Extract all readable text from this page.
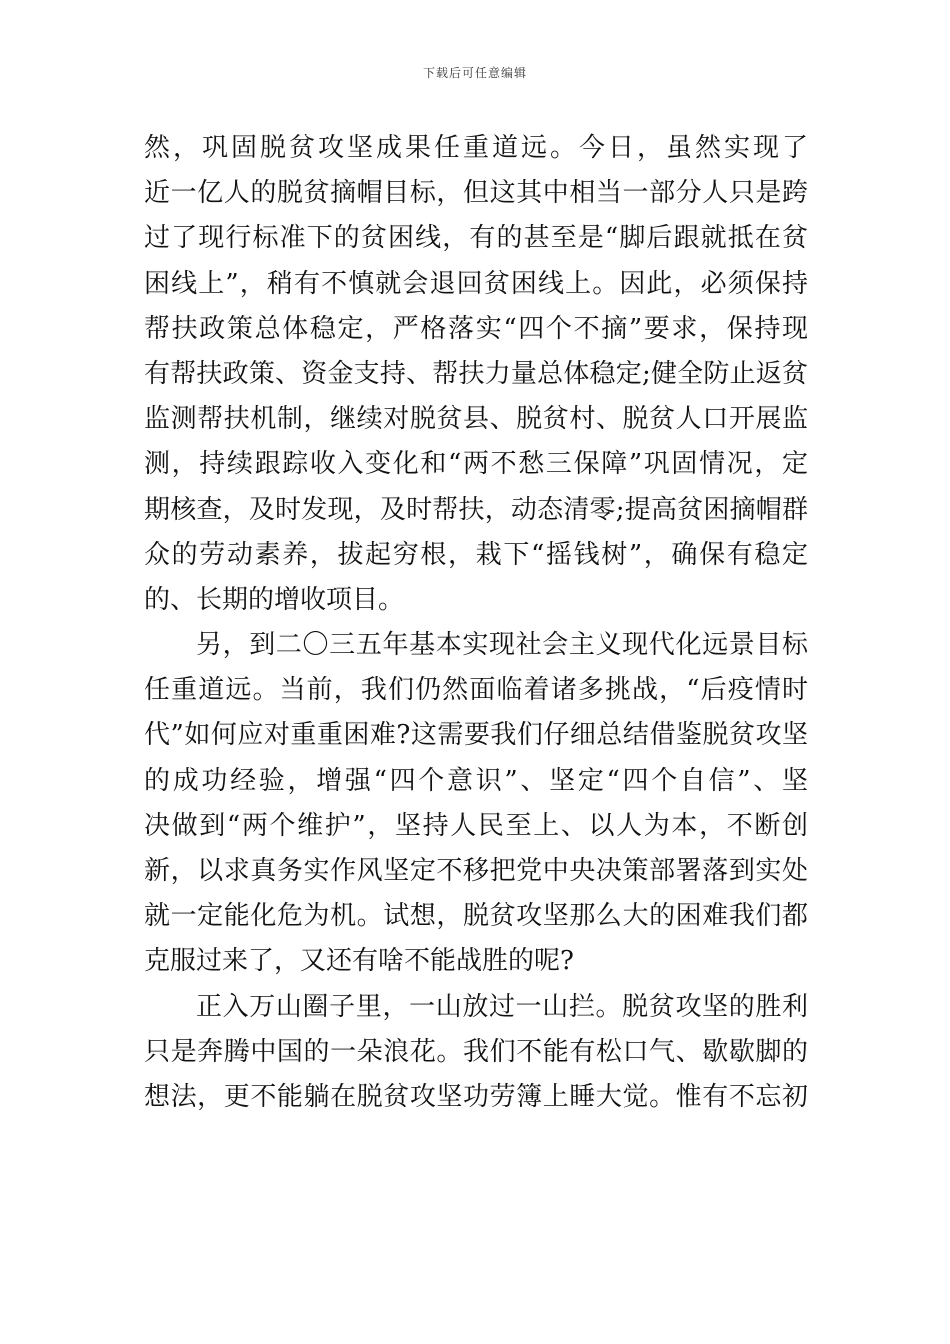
下载后可任意编辑
然，巩固脱贫攻坚成果任重道远。今日，虽然实现了
近一亿人的脱贫摘帽目标，但这其中相当一部分人只是跨
过了现行标准下的贫困线，有的甚至是“脚后跟就抵在贫
困线上”，稍有不慎就会退回贫困线上。因此，必须保持
帮扶政策总体稳定，严格落实“四个不摘”要求，保持现
有帮扶政策、资金支持、帮扶力量总体稳定;健全防止返贫
监测帮扶机制，继续对脱贫县、脱贫村、脱贫人口开展监
测，持续跟踪收入变化和“两不愁三保障”巩固情况，定
期核查，及时发现，及时帮扶，动态清零;提高贫困摘帽群
众的劳动素养，拔起穷根，栽下“摇钱树”，确保有稳定
的、长期的增收项目。
另，到二〇三五年基本实现社会主义现代化远景目标
任重道远。当前，我们仍然面临着诸多挑战，“后疫情时
代”如何应对重重困难?这需要我们仔细总结借鉴脱贫攻坚
的成功经验，增强“四个意识”、坚定“四个自信”、坚
决做到“两个维护”，坚持人民至上、以人为本，不断创
新，以求真务实作风坚定不移把党中央决策部署落到实处
就一定能化危为机。试想，脱贫攻坚那么大的困难我们都
克服过来了，又还有啥不能战胜的呢?
正入万山圈子里，一山放过一山拦。脱贫攻坚的胜利
只是奔腾中国的一朵浪花。我们不能有松口气、歇歇脚的
想法，更不能躺在脱贫攻坚功劳簿上睡大觉。惟有不忘初
